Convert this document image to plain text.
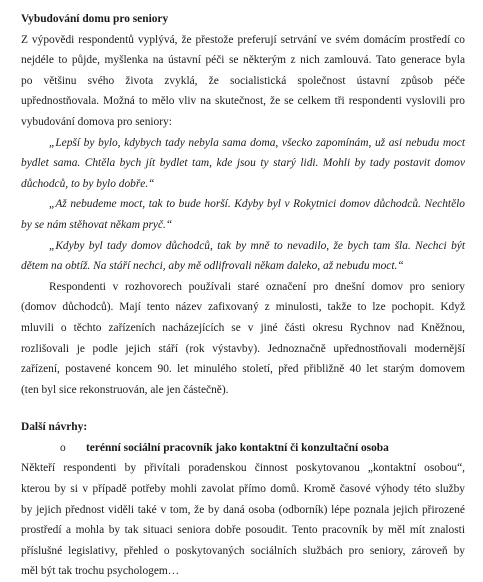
Vybudování domu pro seniory

Z výpovědi respondentů vyplývá, že přestože preferují setrvání ve svém domácím prostředí co
nejdéle to půjde, myšlenka na ústavní péči se některým z nich zamlouvá. Tato generace byla
po většinu svého života zvyklá, že socialistická společnost ústavní způsob péče
upřednostňovala. Možná to mělo vliv na skutečnost, že se celkem tři respondenti vyslovili pro
vybudování domova pro seniory:
„Lepší by bylo, kdybych tady nebyla sama doma, všecko zapomínám, už asi nebudu moct
bydlet sama. Chtěla bych jít bydlet tam, kde jsou ty starý lidi. Mohli by tady postavit domov
důchodců, to by bylo dobře.“
„Až nebudeme moct, tak to bude horší. Kdyby byl v Rokytnici domov důchodců. Nechtělo
by se nám stěhovat někam pryč.“
„Kdyby byl tady domov důchodců, tak by mně to nevadilo, že bych tam šla. Nechci být
dětem na obtíž. Na stáří nechci, aby mě odlifrovali někam daleko, až nebudu moct.“
Respondenti v rozhovorech používali staré označení pro dnešní domov pro seniory
(domov důchodců). Mají tento název zafixovaný z minulosti, takže to lze pochopit. Když
mluvili o těchto zařízeních nacházejících se v jiné části okresu Rychnov nad Kněžnou,
rozlišovali je podle jejich stáří (rok výstavby). Jednoznačně upřednostňovali modernější
zařízení, postavené koncem 90. let minulého století, před přibližně 40 let starým domovem
(ten byl sice rekonstruován, ale jen částečně).

Další návrhy:

o	terénní sociální pracovník jako kontaktní či konzultační osoba
Někteří respondenti by přivítali poradenskou činnost poskytovanou „kontaktní osobou“,
kterou by si v případě potřeby mohli zavolat přímo domů. Kromě časové výhody této služby
by jejich přednost viděli také v tom, že by daná osoba (odborník) lépe poznala jejich přirozené
prostředí a mohla by tak situaci seniora dobře posoudit. Tento pracovník by měl mít znalosti
příslušné legislativy, přehled o poskytovaných sociálních službách pro seniory, zároveň by
měl být tak trochu psychologem…
